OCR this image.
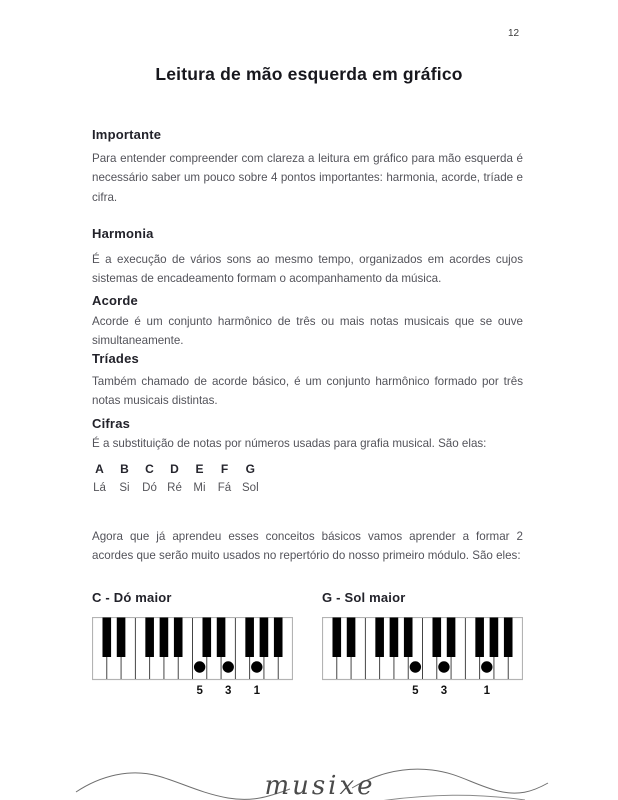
12
Leitura de mão esquerda em gráfico
Importante
Para entender compreender com clareza a leitura em gráfico para mão esquerda é necessário saber um pouco sobre 4 pontos importantes: harmonia, acorde, tríade e cifra.
Harmonia
É a execução de vários sons ao mesmo tempo, organizados em acordes cujos sistemas de encadeamento formam o acompanhamento da música.
Acorde
Acorde é um conjunto harmônico de três ou mais notas musicais que se ouve simultaneamente.
Tríades
Também chamado de acorde básico, é um conjunto harmônico formado por três notas musicais distintas.
Cifras
É a substituição de notas por números usadas para grafia musical. São elas:
A
Lá
B
Si
C
Dó
D
Ré
E
Mi
F
Fá
G
Sol
Agora que já aprendeu esses conceitos básicos vamos aprender a formar 2 acordes que serão muito usados no repertório do nosso primeiro módulo. São eles:
C - Dó maior
5 3 1
G - Sol maior
5 3	1
musixe
